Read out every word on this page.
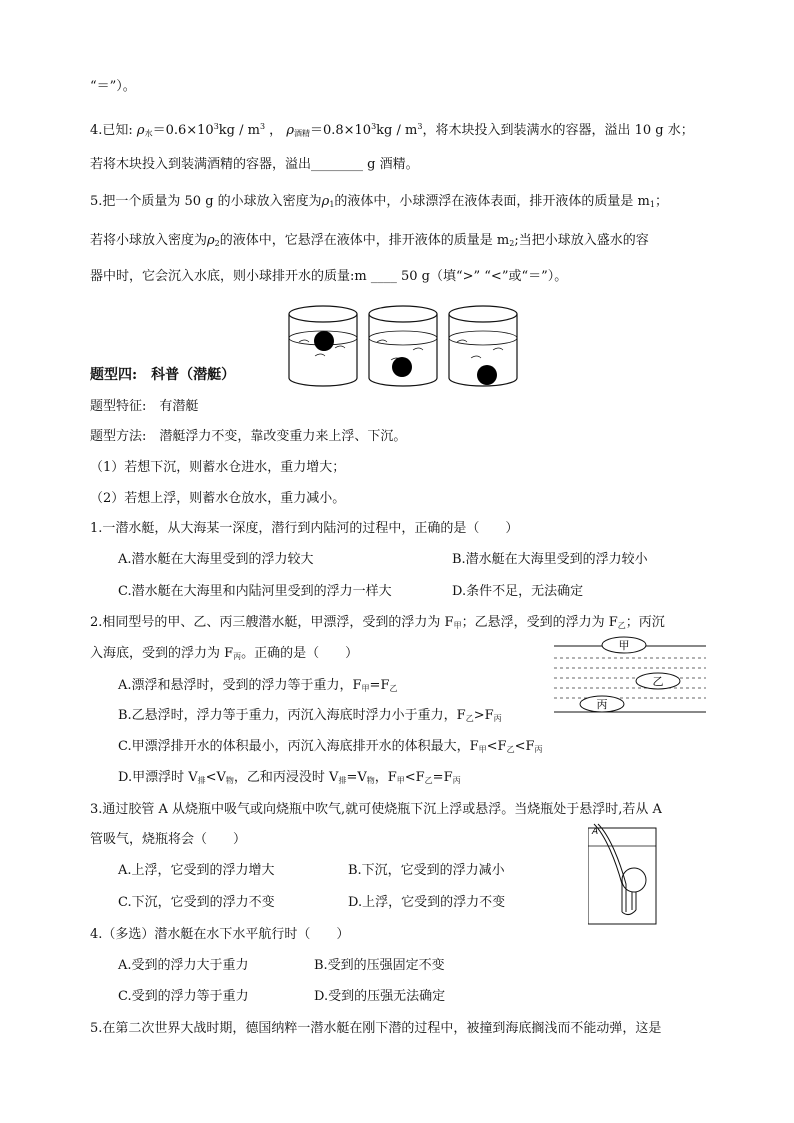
“＝”）。
4.已知: $\rho_水=0.6\times 10^3kg / m^3$ ， $\rho_{酒精}=0.8\times 10^3kg / m^3$，将木块投入到装满水的容器，溢出 10 g 水；
若将木块投入到装满酒精的容器，溢出________ g 酒精。
5.把一个质量为 50 g 的小球放入密度为$\rho_1$的液体中，小球漂浮在液体表面，排开液体的质量是 $m_1$；
若将小球放入密度为$\rho_2$的液体中，它悬浮在液体中，排开液体的质量是 $m_2$;当把小球放入盛水的容
器中时，它会沉入水底，则小球排开水的质量:m ____ 50 g（填“>” “<”或“＝”）。
题型四:　科普（潜艇）
题型特征:　有潜艇
题型方法:　潜艇浮力不变，靠改变重力来上浮、下沉。
（1）若想下沉，则蓄水仓进水，重力增大；
（2）若想上浮，则蓄水仓放水，重力减小。
1.一潜水艇，从大海某一深度，潜行到内陆河的过程中，正确的是（　　）
A.潜水艇在大海里受到的浮力较大	B.潜水艇在大海里受到的浮力较小
C.潜水艇在大海里和内陆河里受到的浮力一样大	D.条件不足，无法确定
2.相同型号的甲、乙、丙三艘潜水艇，甲漂浮，受到的浮力为 $F_甲$；乙悬浮，受到的浮力为 $F_乙$；丙沉
入海底，受到的浮力为 $F_丙$。正确的是（　　）
A.漂浮和悬浮时，受到的浮力等于重力，$F_甲=F_乙$
B.乙悬浮时，浮力等于重力，丙沉入海底时浮力小于重力，$F_乙>F_丙$
C.甲漂浮排开水的体积最小，丙沉入海底排开水的体积最大，$F_甲<F_乙<F_丙$
D.甲漂浮时 $V_排<V_物$，乙和丙浸没时 $V_排=V_物$，$F_甲<F_乙=F_丙$
甲
乙
丙
3.通过胶管 A 从烧瓶中吸气或向烧瓶中吹气,就可使烧瓶下沉上浮或悬浮。当烧瓶处于悬浮时,若从 A
管吸气，烧瓶将会（　　）
A.上浮，它受到的浮力增大	B.下沉，它受到的浮力减小
C.下沉，它受到的浮力不变	D.上浮，它受到的浮力不变
A
4.（多选）潜水艇在水下水平航行时（　　）
A.受到的浮力大于重力	B.受到的压强固定不变
C.受到的浮力等于重力	D.受到的压强无法确定
5.在第二次世界大战时期，德国纳粹一潜水艇在刚下潜的过程中，被撞到海底搁浅而不能动弹，这是
